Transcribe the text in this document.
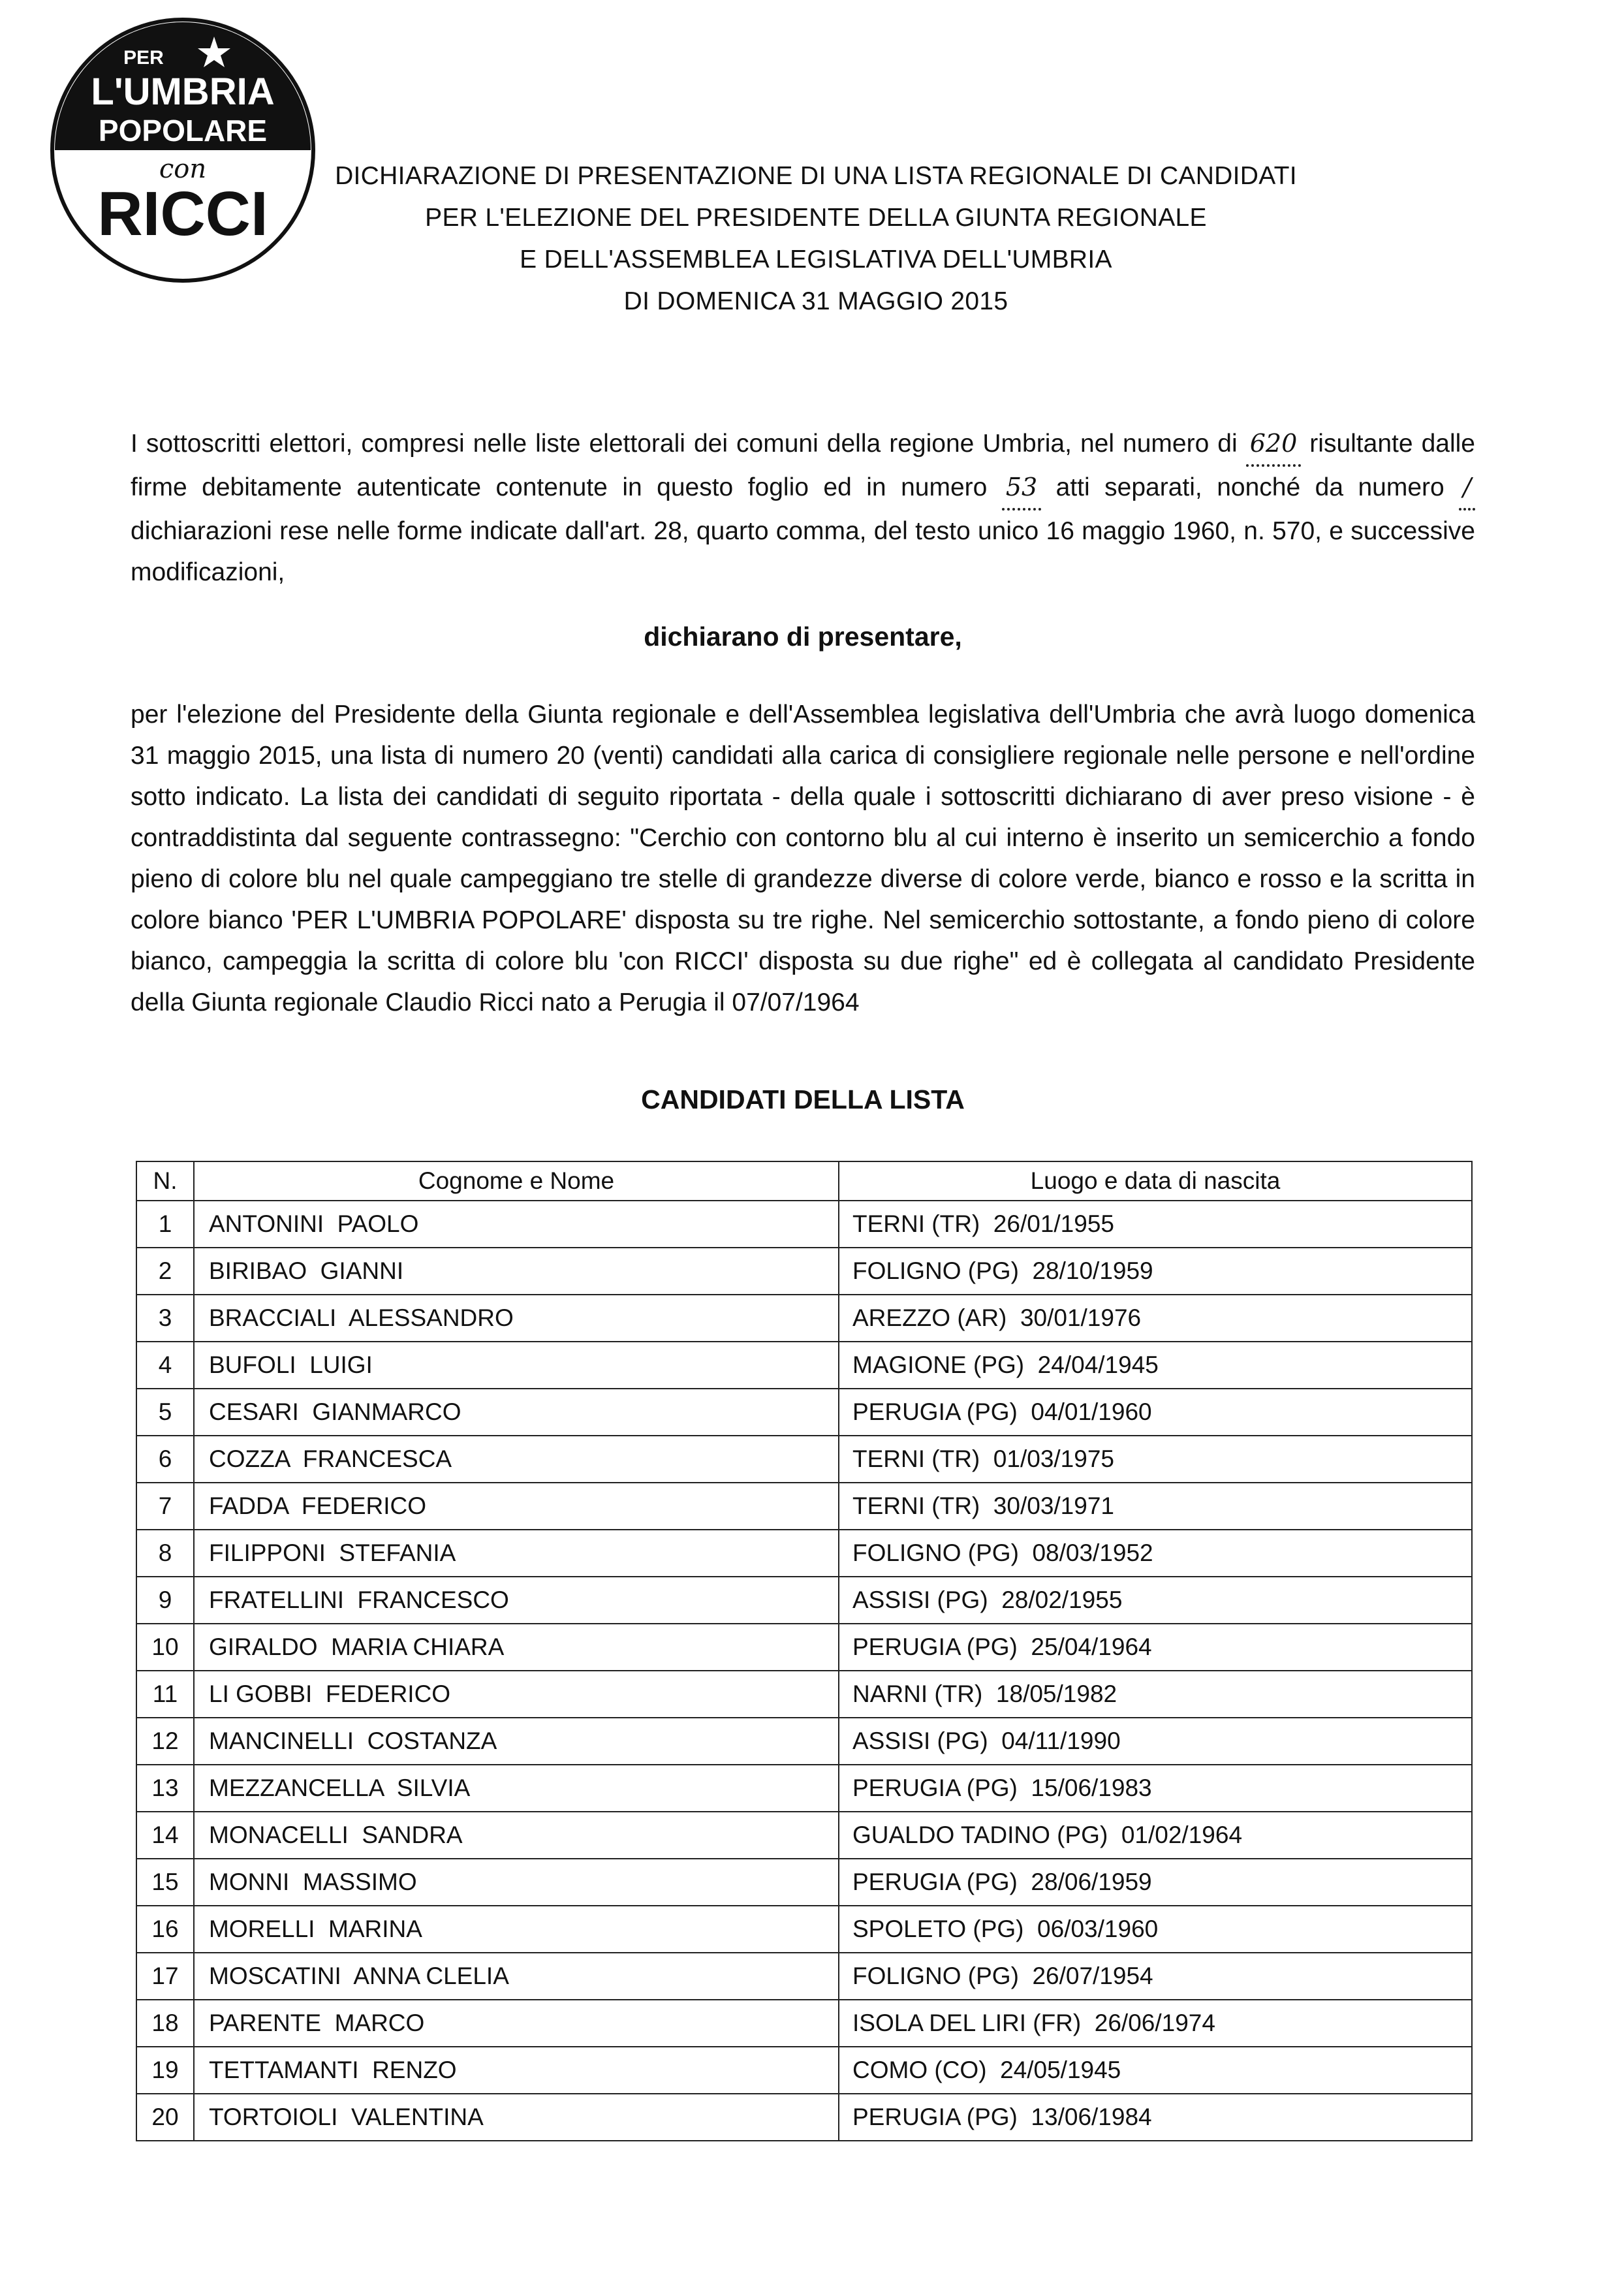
PER
L'UMBRIA
POPOLARE
con
RICCI
DICHIARAZIONE DI PRESENTAZIONE DI UNA LISTA REGIONALE DI CANDIDATI
PER L'ELEZIONE DEL PRESIDENTE DELLA GIUNTA REGIONALE
E DELL'ASSEMBLEA LEGISLATIVA DELL'UMBRIA
DI DOMENICA 31 MAGGIO 2015
I sottoscritti elettori, compresi nelle liste elettorali dei comuni della regione Umbria, nel numero di 620 risultante dalle firme debitamente autenticate contenute in questo foglio ed in numero 53 atti separati, nonché da numero / dichiarazioni rese nelle forme indicate dall'art. 28, quarto comma, del testo unico 16 maggio 1960, n. 570, e successive modificazioni,
dichiarano di presentare,
per l'elezione del Presidente della Giunta regionale e dell'Assemblea legislativa dell'Umbria che avrà luogo domenica 31 maggio 2015, una lista di numero 20 (venti) candidati alla carica di consigliere regionale nelle persone e nell'ordine sotto indicato. La lista dei candidati di seguito riportata - della quale i sottoscritti dichiarano di aver preso visione - è contraddistinta dal seguente contrassegno: "Cerchio con contorno blu al cui interno è inserito un semicerchio a fondo pieno di colore blu nel quale campeggiano tre stelle di grandezze diverse di colore verde, bianco e rosso e la scritta in colore bianco 'PER L'UMBRIA POPOLARE' disposta su tre righe. Nel semicerchio sottostante, a fondo pieno di colore bianco, campeggia la scritta di colore blu 'con RICCI' disposta su due righe" ed è collegata al candidato Presidente della Giunta regionale Claudio Ricci nato a Perugia il 07/07/1964
CANDIDATI DELLA LISTA
N.	Cognome e Nome	Luogo e data di nascita
1	ANTONINI  PAOLO	TERNI (TR)  26/01/1955
2	BIRIBAO  GIANNI	FOLIGNO (PG)  28/10/1959
3	BRACCIALI  ALESSANDRO	AREZZO (AR)  30/01/1976
4	BUFOLI  LUIGI	MAGIONE (PG)  24/04/1945
5	CESARI  GIANMARCO	PERUGIA (PG)  04/01/1960
6	COZZA  FRANCESCA	TERNI (TR)  01/03/1975
7	FADDA  FEDERICO	TERNI (TR)  30/03/1971
8	FILIPPONI  STEFANIA	FOLIGNO (PG)  08/03/1952
9	FRATELLINI  FRANCESCO	ASSISI (PG)  28/02/1955
10	GIRALDO  MARIA CHIARA	PERUGIA (PG)  25/04/1964
11	LI GOBBI  FEDERICO	NARNI (TR)  18/05/1982
12	MANCINELLI  COSTANZA	ASSISI (PG)  04/11/1990
13	MEZZANCELLA  SILVIA	PERUGIA (PG)  15/06/1983
14	MONACELLI  SANDRA	GUALDO TADINO (PG)  01/02/1964
15	MONNI  MASSIMO	PERUGIA (PG)  28/06/1959
16	MORELLI  MARINA	SPOLETO (PG)  06/03/1960
17	MOSCATINI  ANNA CLELIA	FOLIGNO (PG)  26/07/1954
18	PARENTE  MARCO	ISOLA DEL LIRI (FR)  26/06/1974
19	TETTAMANTI  RENZO	COMO (CO)  24/05/1945
20	TORTOIOLI  VALENTINA	PERUGIA (PG)  13/06/1984
